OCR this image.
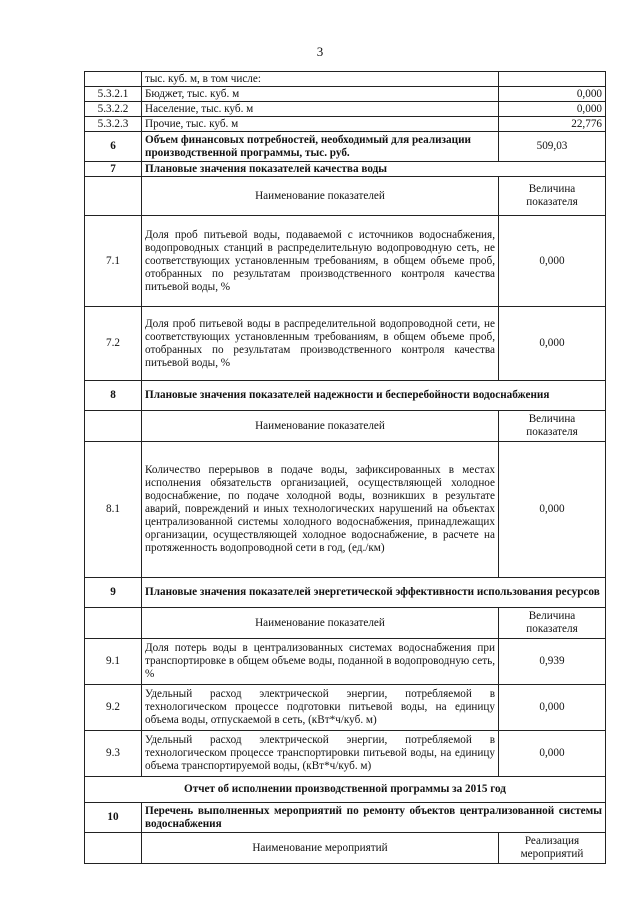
3
	тыс. куб. м, в том числе:	
5.3.2.1	Бюджет, тыс. куб. м	0,000
5.3.2.2	Население, тыс. куб. м	0,000
5.3.2.3	Прочие, тыс. куб. м	22,776
6	Объем финансовых потребностей, необходимый для реализации производственной программы, тыс. руб.	509,03
7	Плановые значения показателей качества воды	
	Наименование показателей	Величина показателя
7.1	Доля проб питьевой воды, подаваемой с источников водоснабжения, водопроводных станций в распределительную водопроводную сеть, не соответствующих установленным требованиям, в общем объеме проб, отобранных по результатам производственного контроля качества питьевой воды, %	0,000
7.2	Доля проб питьевой воды в распределительной водопроводной сети, не соответствующих установленным требованиям, в общем объеме проб, отобранных по результатам производственного контроля качества питьевой воды, %	0,000
8	Плановые значения показателей надежности и бесперебойности водоснабжения	
	Наименование показателей	Величина показателя
8.1	Количество перерывов в подаче воды, зафиксированных в местах исполнения обязательств организацией, осуществляющей холодное водоснабжение, по подаче холодной воды, возникших в результате аварий, повреждений и иных технологических нарушений на объектах централизованной системы холодного водоснабжения, принадлежащих организации, осуществляющей холодное водоснабжение, в расчете на протяженность водопроводной сети в год, (ед./км)	0,000
9	Плановые значения показателей энергетической эффективности использования ресурсов	
	Наименование показателей	Величина показателя
9.1	Доля потерь воды в централизованных системах водоснабжения при транспортировке в общем объеме воды, поданной в водопроводную сеть, %	0,939
9.2	Удельный расход электрической энергии, потребляемой в технологическом процессе подготовки питьевой воды, на единицу объема воды, отпускаемой в сеть, (кВт*ч/куб. м)	0,000
9.3	Удельный расход электрической энергии, потребляемой в технологическом процессе транспортировки питьевой воды, на единицу объема транспортируемой воды, (кВт*ч/куб. м)	0,000
Отчет об исполнении производственной программы за 2015 год		
10	Перечень выполненных мероприятий по ремонту объектов централизованной системы водоснабжения	
	Наименование мероприятий	Реализация мероприятий
